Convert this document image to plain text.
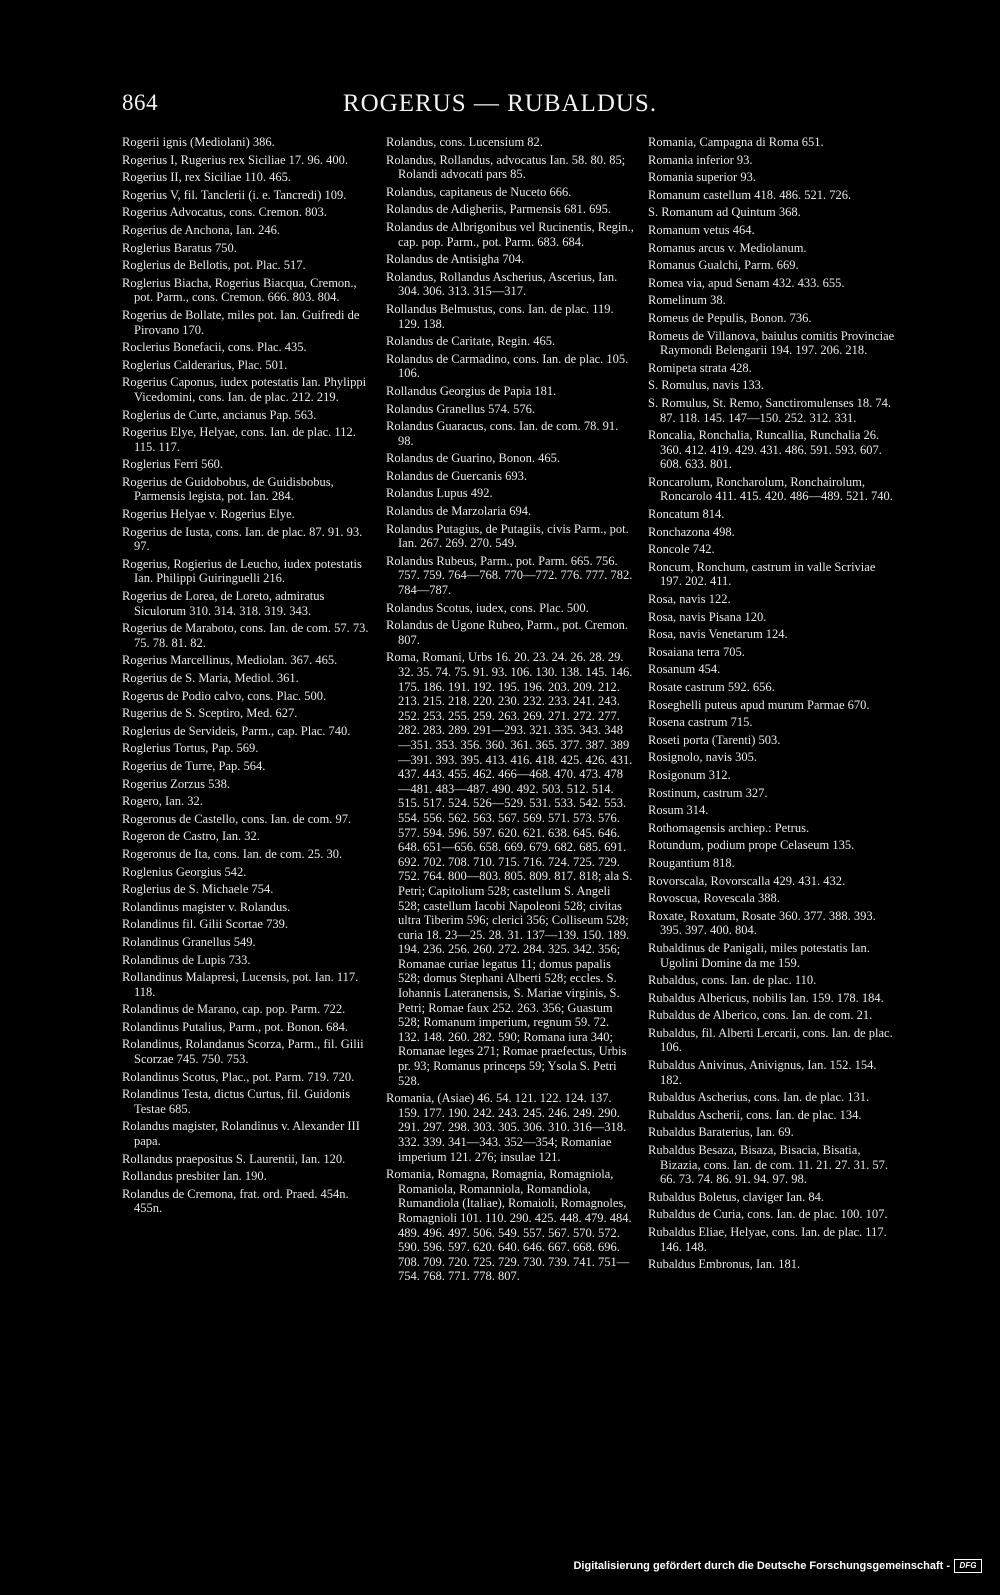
864	ROGERUS — RUBALDUS.
Rogerii ignis (Mediolani) 386.
Rogerius I, Rugerius rex Siciliae 17. 96. 400.
Rogerius II, rex Siciliae 110. 465.
Rogerius V, fil. Tanclerii (i. e. Tancredi) 109.
Rogerius Advocatus, cons. Cremon. 803.
Rogerius de Anchona, Ian. 246.
Roglerius Baratus 750.
Roglerius de Bellotis, pot. Plac. 517.
Roglerius Biacha, Rogerius Biacqua, Cremon., pot. Parm., cons. Cremon. 666. 803. 804.
Rogerius de Bollate, miles pot. Ian. Guifredi de Pirovano 170.
Roclerius Bonefacii, cons. Plac. 435.
Roglerius Calderarius, Plac. 501.
Rogerius Caponus, iudex potestatis Ian. Phylippi Vicedomini, cons. Ian. de plac. 212. 219.
Roglerius de Curte, ancianus Pap. 563.
Rogerius Elye, Helyae, cons. Ian. de plac. 112. 115. 117.
Roglerius Ferri 560.
Rogerius de Guidobobus, de Guidisbobus, Parmensis legista, pot. Ian. 284.
Rogerius Helyae v. Rogerius Elye.
Rogerius de Iusta, cons. Ian. de plac. 87. 91. 93. 97.
Rogerius, Rogierius de Leucho, iudex potestatis Ian. Philippi Guiringuelli 216.
Rogerius de Lorea, de Loreto, admiratus Siculorum 310. 314. 318. 319. 343.
Rogerius de Maraboto, cons. Ian. de com. 57. 73. 75. 78. 81. 82.
Rogerius Marcellinus, Mediolan. 367. 465.
Rogerius de S. Maria, Mediol. 361.
Rogerus de Podio calvo, cons. Plac. 500.
Rugerius de S. Sceptiro, Med. 627.
Roglerius de Servideis, Parm., cap. Plac. 740.
Roglerius Tortus, Pap. 569.
Rogerius de Turre, Pap. 564.
Rogerius Zorzus 538.
Rogero, Ian. 32.
Rogeronus de Castello, cons. Ian. de com. 97.
Rogeron de Castro, Ian. 32.
Rogeronus de Ita, cons. Ian. de com. 25. 30.
Roglenius Georgius 542.
Roglerius de S. Michaele 754.
Rolandinus magister v. Rolandus.
Rolandinus fil. Gilii Scortae 739.
Rolandinus Granellus 549.
Rolandinus de Lupis 733.
Rollandinus Malapresi, Lucensis, pot. Ian. 117. 118.
Rolandinus de Marano, cap. pop. Parm. 722.
Rolandinus Putalius, Parm., pot. Bonon. 684.
Rolandinus, Rolandanus Scorza, Parm., fil. Gilii Scorzae 745. 750. 753.
Rolandinus Scotus, Plac., pot. Parm. 719. 720.
Rolandinus Testa, dictus Curtus, fil. Guidonis Testae 685.
Rolandus magister, Rolandinus v. Alexander III papa.
Rollandus praepositus S. Laurentii, Ian. 120.
Rollandus presbiter Ian. 190.
Rolandus de Cremona, frat. ord. Praed. 454n. 455n.
Rolandus, cons. Lucensium 82.
Rolandus, Rollandus, advocatus Ian. 58. 80. 85; Rolandi advocati pars 85.
Rolandus, capitaneus de Nuceto 666.
Rolandus de Adigheriis, Parmensis 681. 695.
Rolandus de Albrigonibus vel Rucinentis, Regin., cap. pop. Parm., pot. Parm. 683. 684.
Rolandus de Antisigha 704.
Rolandus, Rollandus Ascherius, Ascerius, Ian. 304. 306. 313. 315—317.
Rollandus Belmustus, cons. Ian. de plac. 119. 129. 138.
Rolandus de Caritate, Regin. 465.
Rolandus de Carmadino, cons. Ian. de plac. 105. 106.
Rollandus Georgius de Papia 181.
Rolandus Granellus 574. 576.
Rolandus Guaracus, cons. Ian. de com. 78. 91. 98.
Rolandus de Guarino, Bonon. 465.
Rolandus de Guercanis 693.
Rolandus Lupus 492.
Rolandus de Marzolaria 694.
Rolandus Putagius, de Putagiis, civis Parm., pot. Ian. 267. 269. 270. 549.
Rolandus Rubeus, Parm., pot. Parm. 665. 756. 757. 759. 764—768. 770—772. 776. 777. 782. 784—787.
Rolandus Scotus, iudex, cons. Plac. 500.
Rolandus de Ugone Rubeo, Parm., pot. Cremon. 807.
Roma, Romani, Urbs 16. 20. 23. 24. 26. 28. 29. 32. 35. 74. 75. 91. 93. 106. 130. 138. 145. 146. 175. 186. 191. 192. 195. 196. 203. 209. 212. 213. 215. 218. 220. 230. 232. 233. 241. 243. 252. 253. 255. 259. 263. 269. 271. 272. 277. 282. 283. 289. 291—293. 321. 335. 343. 348—351. 353. 356. 360. 361. 365. 377. 387. 389—391. 393. 395. 413. 416. 418. 425. 426. 431. 437. 443. 455. 462. 466—468. 470. 473. 478—481. 483—487. 490. 492. 503. 512. 514. 515. 517. 524. 526—529. 531. 533. 542. 553. 554. 556. 562. 563. 567. 569. 571. 573. 576. 577. 594. 596. 597. 620. 621. 638. 645. 646. 648. 651—656. 658. 669. 679. 682. 685. 691. 692. 702. 708. 710. 715. 716. 724. 725. 729. 752. 764. 800—803. 805. 809. 817. 818; ala S. Petri; Capitolium 528; castellum S. Angeli 528; castellum Iacobi Napoleoni 528; civitas ultra Tiberim 596; clerici 356; Colliseum 528; curia 18. 23—25. 28. 31. 137—139. 150. 189. 194. 236. 256. 260. 272. 284. 325. 342. 356; Romanae curiae legatus 11; domus papalis 528; domus Stephani Alberti 528; eccles. S. Iohannis Lateranensis, S. Mariae virginis, S. Petri; Romae faux 252. 263. 356; Guastum 528; Romanum imperium, regnum 59. 72. 132. 148. 260. 282. 590; Romana iura 340; Romanae leges 271; Romae praefectus, Urbis pr. 93; Romanus princeps 59; Ysola S. Petri 528.
Romania, (Asiae) 46. 54. 121. 122. 124. 137. 159. 177. 190. 242. 243. 245. 246. 249. 290. 291. 297. 298. 303. 305. 306. 310. 316—318. 332. 339. 341—343. 352—354; Romaniae imperium 121. 276; insulae 121.
Romania, Romagna, Romagnia, Romagniola, Romaniola, Romanniola, Romandiola, Rumandiola (Italiae), Romaioli, Romagnoles, Romagnioli 101. 110. 290. 425. 448. 479. 484. 489. 496. 497. 506. 549. 557. 567. 570. 572. 590. 596. 597. 620. 640. 646. 667. 668. 696. 708. 709. 720. 725. 729. 730. 739. 741. 751—754. 768. 771. 778. 807.
Romania, Campagna di Roma 651.
Romania inferior 93.
Romania superior 93.
Romanum castellum 418. 486. 521. 726.
S. Romanum ad Quintum 368.
Romanum vetus 464.
Romanus arcus v. Mediolanum.
Romanus Gualchi, Parm. 669.
Romea via, apud Senam 432. 433. 655.
Romelinum 38.
Romeus de Pepulis, Bonon. 736.
Romeus de Villanova, baiulus comitis Provinciae Raymondi Belengarii 194. 197. 206. 218.
Romipeta strata 428.
S. Romulus, navis 133.
S. Romulus, St. Remo, Sanctiromulenses 18. 74. 87. 118. 145. 147—150. 252. 312. 331.
Roncalia, Ronchalia, Runcallia, Runchalia 26. 360. 412. 419. 429. 431. 486. 591. 593. 607. 608. 633. 801.
Roncarolum, Roncharolum, Ronchairolum, Roncarolo 411. 415. 420. 486—489. 521. 740.
Roncatum 814.
Ronchazona 498.
Roncole 742.
Roncum, Ronchum, castrum in valle Scriviae 197. 202. 411.
Rosa, navis 122.
Rosa, navis Pisana 120.
Rosa, navis Venetarum 124.
Rosaiana terra 705.
Rosanum 454.
Rosate castrum 592. 656.
Roseghelli puteus apud murum Parmae 670.
Rosena castrum 715.
Roseti porta (Tarenti) 503.
Rosignolo, navis 305.
Rosigonum 312.
Rostinum, castrum 327.
Rosum 314.
Rothomagensis archiep.: Petrus.
Rotundum, podium prope Celaseum 135.
Rougantium 818.
Rovorscala, Rovorscalla 429. 431. 432.
Rovoscua, Rovescala 388.
Roxate, Roxatum, Rosate 360. 377. 388. 393. 395. 397. 400. 804.
Rubaldinus de Panigali, miles potestatis Ian. Ugolini Domine da me 159.
Rubaldus, cons. Ian. de plac. 110.
Rubaldus Albericus, nobilis Ian. 159. 178. 184.
Rubaldus de Alberico, cons. Ian. de com. 21.
Rubaldus, fil. Alberti Lercarii, cons. Ian. de plac. 106.
Rubaldus Anivinus, Anivignus, Ian. 152. 154. 182.
Rubaldus Ascherius, cons. Ian. de plac. 131.
Rubaldus Ascherii, cons. Ian. de plac. 134.
Rubaldus Baraterius, Ian. 69.
Rubaldus Besaza, Bisaza, Bisacia, Bisatia, Bizazia, cons. Ian. de com. 11. 21. 27. 31. 57. 66. 73. 74. 86. 91. 94. 97. 98.
Rubaldus Boletus, claviger Ian. 84.
Rubaldus de Curia, cons. Ian. de plac. 100. 107.
Rubaldus Eliae, Helyae, cons. Ian. de plac. 117. 146. 148.
Rubaldus Embronus, Ian. 181.
Digitalisierung gefördert durch die Deutsche Forschungsgemeinschaft -	DFG
